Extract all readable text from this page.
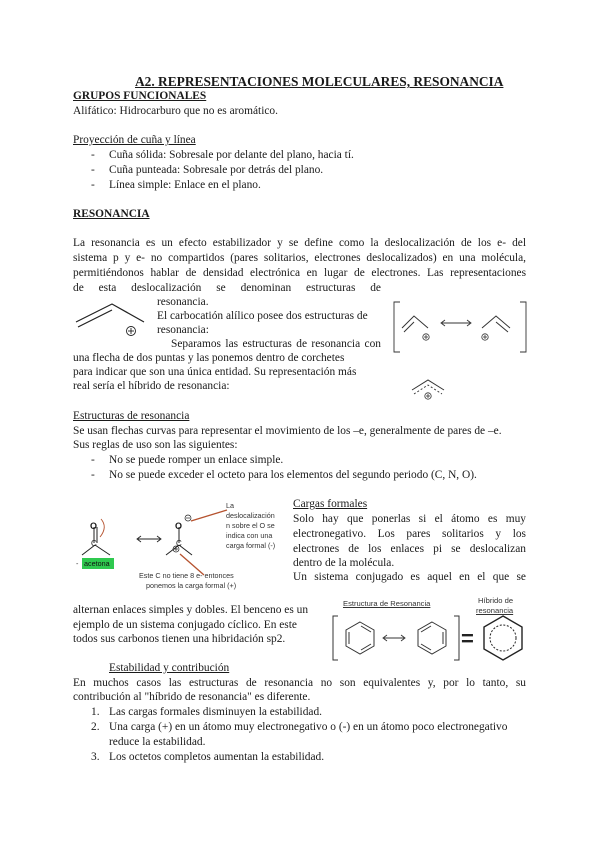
A2. REPRESENTACIONES MOLECULARES, RESONANCIA
GRUPOS FUNCIONALES
Alifático: Hidrocarburo que no es aromático.
Proyección de cuña y línea
- Cuña sólida: Sobresale por delante del plano, hacia tí.
- Cuña punteada: Sobresale por detrás del plano.
- Línea simple: Enlace en el plano.
RESONANCIA
La resonancia es un efecto estabilizador y se define como la deslocalización de los e- del
sistema p y e- no compartidos (pares solitarios, electrones deslocalizados) en una molécula,
permitiéndonos hablar de densidad electrónica en lugar de electrones. Las representaciones
de esta deslocalización se denominan estructuras de
resonancia.
El carbocatión alílico posee dos estructuras de
resonancia:
Separamos las estructuras de resonancia con
una flecha de dos puntas y las ponemos dentro de corchetes
para indicar que son una única entidad. Su representación más
real sería el híbrido de resonancia:
Estructuras de resonancia
Se usan flechas curvas para representar el movimiento de los –e, generalmente de pares de –e.
Sus reglas de uso son las siguientes:
- No se puede romper un enlace simple.
- No se puede exceder el octeto para los elementos del segundo periodo (C, N, O).
O
C
O
C
acetona
-
La
deslocalización
n sobre el O se
indica con una
carga formal (-)
Este C no tiene 8 e- entonces
ponemos la carga formal (+)
Cargas formales
Solo hay que ponerlas si el átomo es muy
electronegativo. Los pares solitarios y los
electrones de los enlaces pi se deslocalizan
dentro de la molécula.
Un sistema conjugado es aquel en el que se
alternan enlaces simples y dobles. El benceno es un
ejemplo de un sistema conjugado cíclico. En este
todos sus carbonos tienen una hibridación sp2.
Estructura de Resonancia	Híbrido de
resonancia
=
Estabilidad y contribución
En muchos casos las estructuras de resonancia no son equivalentes y, por lo tanto, su
contribución al "híbrido de resonancia" es diferente.
1. Las cargas formales disminuyen la estabilidad.
2. Una carga (+) en un átomo muy electronegativo o (-) en un átomo poco electronegativo
reduce la estabilidad.
3. Los octetos completos aumentan la estabilidad.
